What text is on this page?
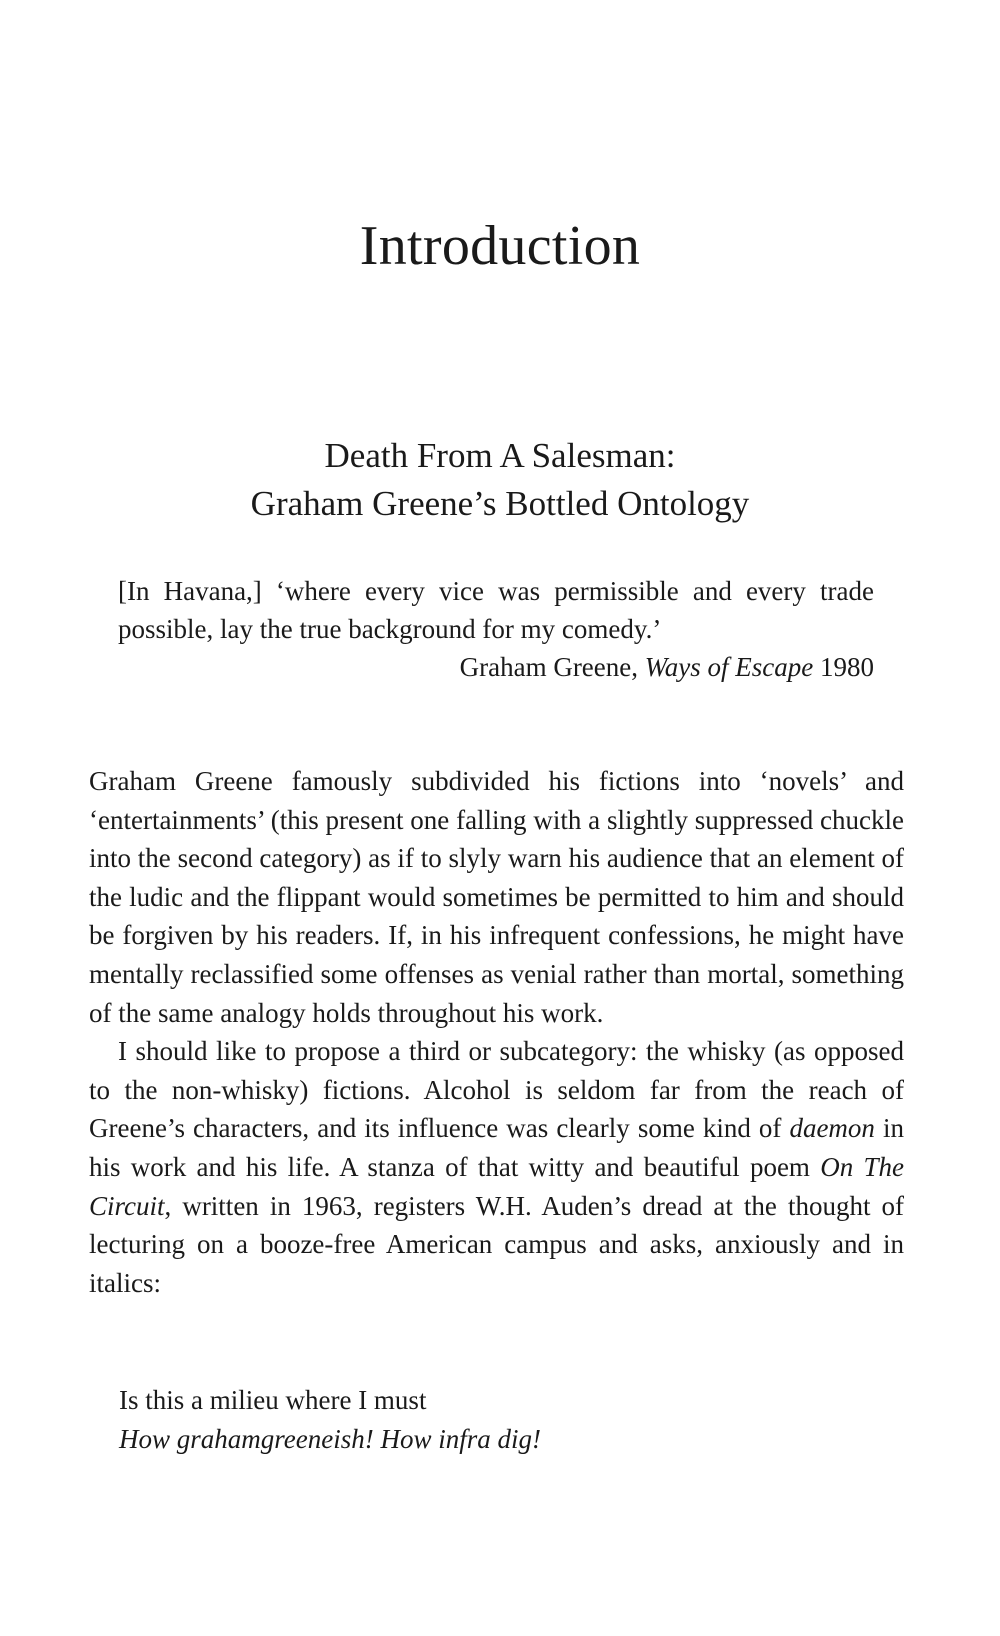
Introduction
Death From A Salesman:
Graham Greene’s Bottled Ontology

[In Havana,] ‘where every vice was permissible and every trade possible, lay the true background for my comedy.’

Graham Greene, Ways of Escape 1980

Graham Greene famously subdivided his fictions into ‘novels’ and ‘entertainments’ (this present one falling with a slightly suppressed chuckle into the second category) as if to slyly warn his audience that an element of the ludic and the flippant would sometimes be permitted to him and should be forgiven by his readers. If, in his infrequent confessions, he might have mentally reclassified some offenses as venial rather than mortal, something of the same analogy holds throughout his work.

I should like to propose a third or subcategory: the whisky (as opposed to the non-whisky) fictions. Alcohol is seldom far from the reach of Greene’s characters, and its influence was clearly some kind of daemon in his work and his life. A stanza of that witty and beautiful poem On The Circuit, written in 1963, registers W.H. Auden’s dread at the thought of lecturing on a booze-free American campus and asks, anxiously and in italics:

Is this a milieu where I must
How grahamgreeneish! How infra dig!
